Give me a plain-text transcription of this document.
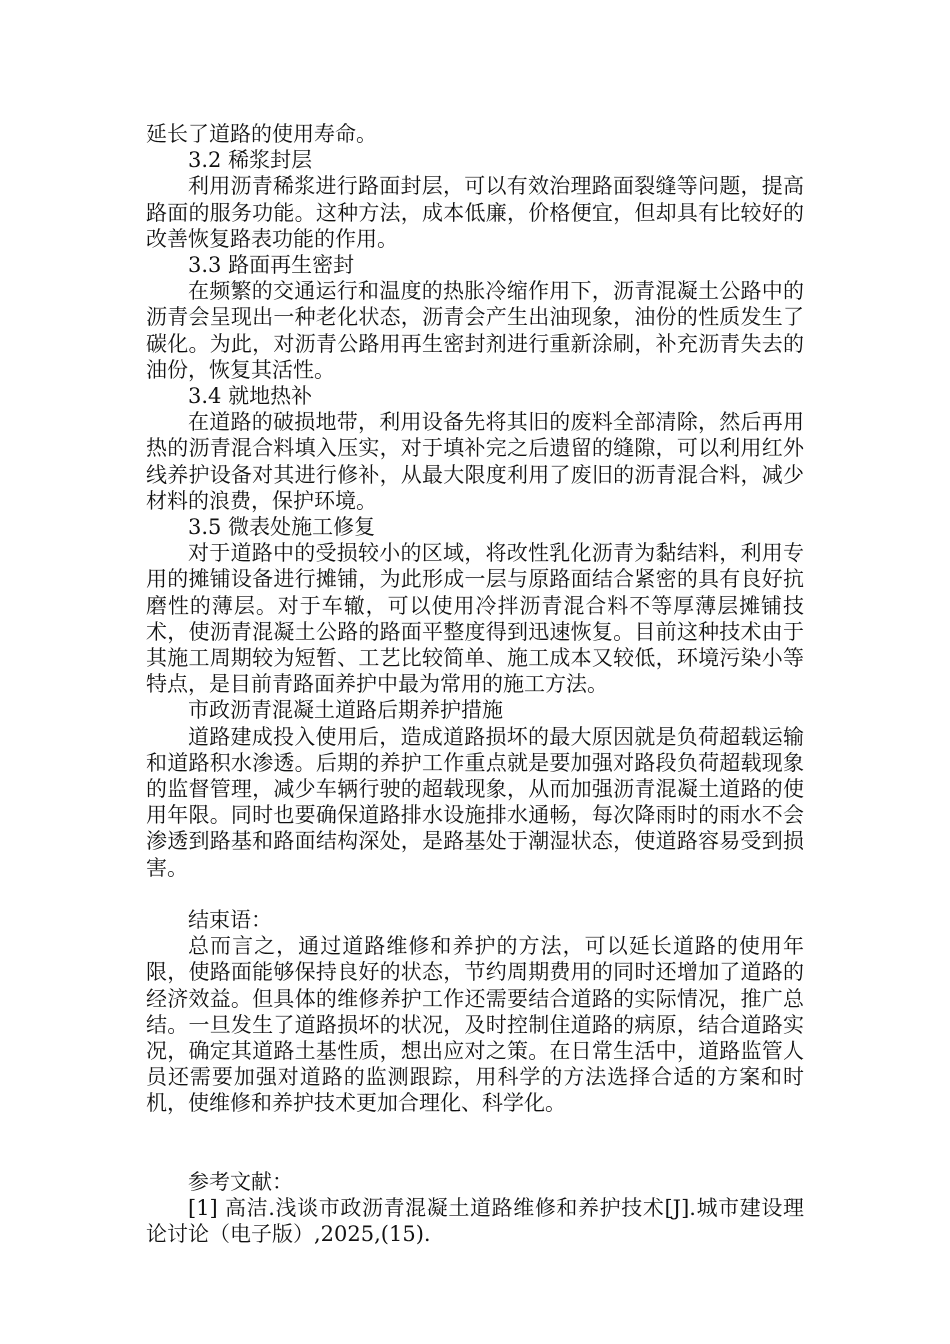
延长了道路的使用寿命。

3.2 稀浆封层

利用沥青稀浆进行路面封层，可以有效治理路面裂缝等问题，提高路面的服务功能。这种方法，成本低廉，价格便宜，但却具有比较好的改善恢复路表功能的作用。

3.3 路面再生密封

在频繁的交通运行和温度的热胀冷缩作用下，沥青混凝土公路中的沥青会呈现出一种老化状态，沥青会产生出油现象，油份的性质发生了碳化。为此，对沥青公路用再生密封剂进行重新涂刷，补充沥青失去的油份，恢复其活性。

3.4 就地热补

在道路的破损地带，利用设备先将其旧的废料全部清除，然后再用热的沥青混合料填入压实，对于填补完之后遗留的缝隙，可以利用红外线养护设备对其进行修补，从最大限度利用了废旧的沥青混合料，减少材料的浪费，保护环境。

3.5 微表处施工修复

对于道路中的受损较小的区域，将改性乳化沥青为黏结料，利用专用的摊铺设备进行摊铺，为此形成一层与原路面结合紧密的具有良好抗磨性的薄层。对于车辙，可以使用冷拌沥青混合料不等厚薄层摊铺技术，使沥青混凝土公路的路面平整度得到迅速恢复。目前这种技术由于其施工周期较为短暂、工艺比较简单、施工成本又较低，环境污染小等特点，是目前青路面养护中最为常用的施工方法。

市政沥青混凝土道路后期养护措施

道路建成投入使用后，造成道路损坏的最大原因就是负荷超载运输和道路积水渗透。后期的养护工作重点就是要加强对路段负荷超载现象的监督管理，减少车辆行驶的超载现象，从而加强沥青混凝土道路的使用年限。同时也要确保道路排水设施排水通畅，每次降雨时的雨水不会渗透到路基和路面结构深处，是路基处于潮湿状态，使道路容易受到损害。

结束语：

总而言之，通过道路维修和养护的方法，可以延长道路的使用年限，使路面能够保持良好的状态，节约周期费用的同时还增加了道路的经济效益。但具体的维修养护工作还需要结合道路的实际情况，推广总结。一旦发生了道路损坏的状况，及时控制住道路的病原，结合道路实况，确定其道路土基性质，想出应对之策。在日常生活中，道路监管人员还需要加强对道路的监测跟踪，用科学的方法选择合适的方案和时机，使维修和养护技术更加合理化、科学化。

参考文献：

[1] 高洁.浅谈市政沥青混凝土道路维修和养护技术[J].城市建设理论讨论（电子版）,2025,(15).
